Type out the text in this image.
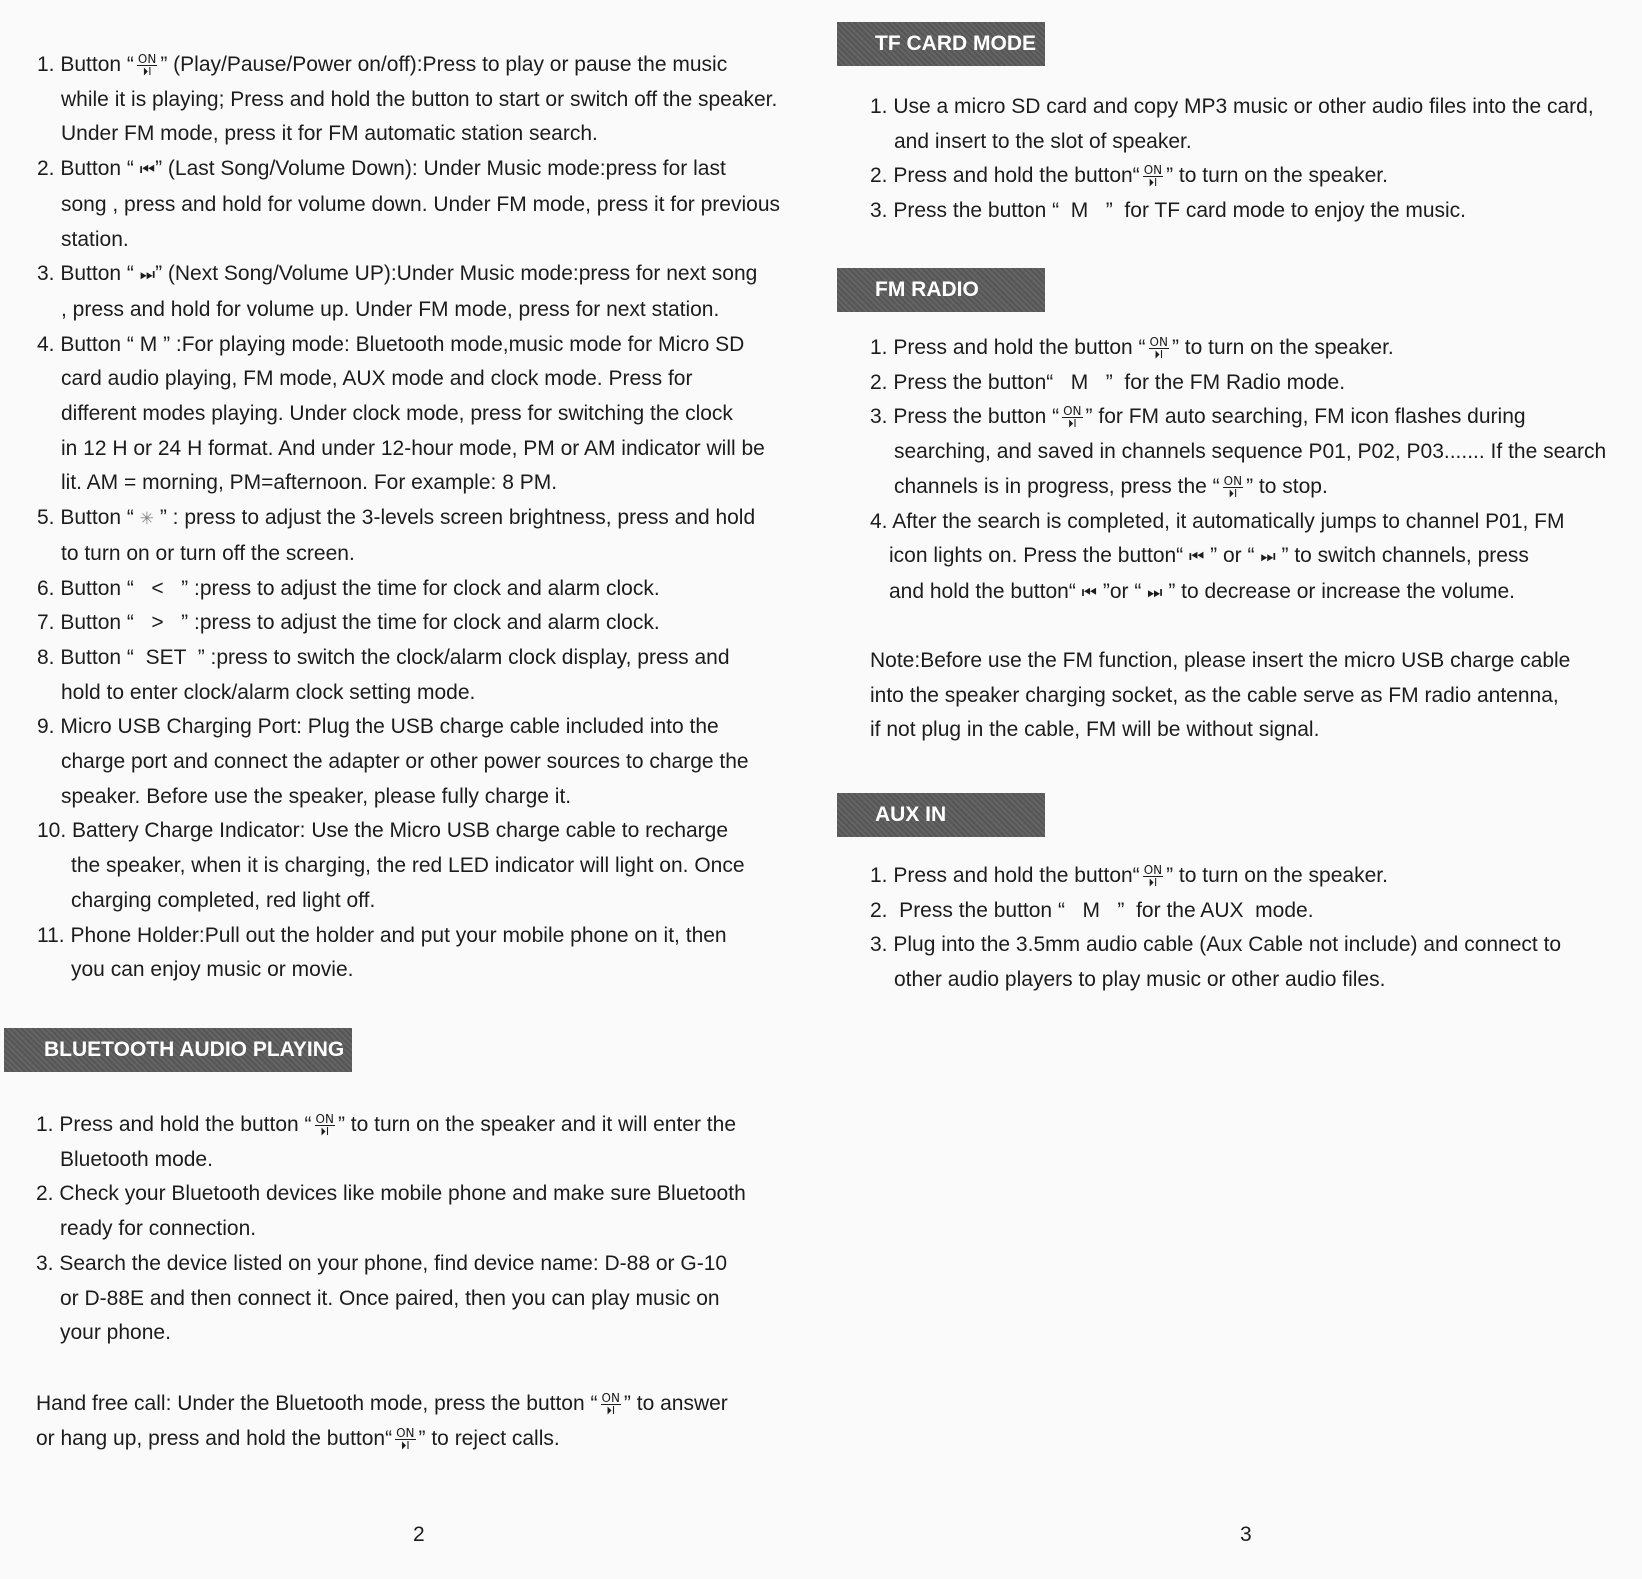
1. Button “ ON
⏵Ⅰ ” (Play/Pause/Power on/off):Press to play or pause the music

while it is playing; Press and hold the button to start or switch off the speaker.

Under FM mode, press it for FM automatic station search.

2. Button “ ⏮” (Last Song/Volume Down): Under Music mode:press for last

song , press and hold for volume down. Under FM mode, press it for previous

station.

3. Button “ ⏭” (Next Song/Volume UP):Under Music mode:press for next song

, press and hold for volume up. Under FM mode, press for next station.

4. Button “ M ” :For playing mode: Bluetooth mode,music mode for Micro SD

card audio playing, FM mode, AUX mode and clock mode. Press for

different modes playing. Under clock mode, press for switching the clock

in 12 H or 24 H format. And under 12-hour mode, PM or AM indicator will be

lit. AM = morning, PM=afternoon. For example: 8 PM.

5. Button “ ✳ ” : press to adjust the 3-levels screen brightness, press and hold

to turn on or turn off the screen.

6. Button “   <   ” :press to adjust the time for clock and alarm clock.

7. Button “   >   ” :press to adjust the time for clock and alarm clock.

8. Button “  SET  ” :press to switch the clock/alarm clock display, press and

hold to enter clock/alarm clock setting mode.

9. Micro USB Charging Port: Plug the USB charge cable included into the

charge port and connect the adapter or other power sources to charge the

speaker. Before use the speaker, please fully charge it.

10. Battery Charge Indicator: Use the Micro USB charge cable to recharge

the speaker, when it is charging, the red LED indicator will light on. Once

charging completed, red light off.

11. Phone Holder:Pull out the holder and put your mobile phone on it, then

you can enjoy music or movie.

BLUETOOTH AUDIO PLAYING

1. Press and hold the button “ ON
⏵Ⅰ ” to turn on the speaker and it will enter the

Bluetooth mode.

2. Check your Bluetooth devices like mobile phone and make sure Bluetooth

ready for connection.

3. Search the device listed on your phone, find device name: D-88 or G-10

or D-88E and then connect it. Once paired, then you can play music on

your phone.

Hand free call: Under the Bluetooth mode, press the button “ ON
⏵Ⅰ ” to answer

or hang up, press and hold the button“ ON
⏵Ⅰ ” to reject calls.

2
TF CARD MODE

1. Use a micro SD card and copy MP3 music or other audio files into the card,

and insert to the slot of speaker.

2. Press and hold the button“ ON
⏵Ⅰ ” to turn on the speaker.

3. Press the button “  M   ”  for TF card mode to enjoy the music.

FM RADIO

1. Press and hold the button “ ON
⏵Ⅰ ” to turn on the speaker.

2. Press the button“   M   ”  for the FM Radio mode.

3. Press the button “ ON
⏵Ⅰ ” for FM auto searching, FM icon flashes during

searching, and saved in channels sequence P01, P02, P03....... If the search

channels is in progress, press the “ ON
⏵Ⅰ ” to stop.

4. After the search is completed, it automatically jumps to channel P01, FM

icon lights on. Press the button“ ⏮ ” or “ ⏭ ” to switch channels, press

and hold the button“ ⏮ ”or “ ⏭ ” to decrease or increase the volume.

Note:Before use the FM function, please insert the micro USB charge cable

into the speaker charging socket, as the cable serve as FM radio antenna,

if not plug in the cable, FM will be without signal.

AUX IN

1. Press and hold the button“ ON
⏵Ⅰ ” to turn on the speaker.

2.  Press the button “   M   ”  for the AUX  mode.

3. Plug into the 3.5mm audio cable (Aux Cable not include) and connect to

other audio players to play music or other audio files.

3
